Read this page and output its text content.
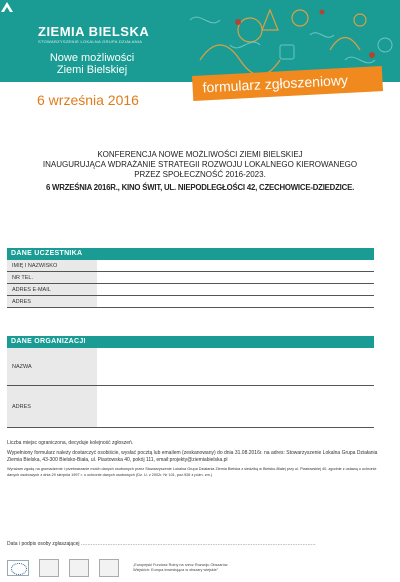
ZIEMIA BIELSKA
STOWARZYSZENIE LOKALNA GRUPA DZIAŁANIA
Nowe możliwości
Ziemi Bielskiej
6 września 2016
formularz zgłoszeniowy
KONFERENCJA NOWE MOŻLIWOŚCI ZIEMI BIELSKIEJ
INAUGURUJĄCA WDRAŻANIE STRATEGII ROZWOJU LOKALNEGO KIEROWANEGO
PRZEZ SPOŁECZNOŚĆ 2016-2023.
6 WRZEŚNIA 2016R., KINO ŚWIT, UL. NIEPODLEGŁOŚCI 42, CZECHOWICE-DZIEDZICE.
DANE UCZESTNIKA
IMIĘ I NAZWISKO
NR TEL.
ADRES E-MAIL
ADRES
DANE ORGANIZACJI
NAZWA
ADRES

Liczba miejsc ograniczona, decyduje kolejność zgłoszeń.

Wypełniony formularz należy dostarczyć osobiście, wysłać pocztą lub emailem (zeskanowany) do dnia 31.08.2016r. na adres: Stowarzyszenie Lokalna Grupa Działania Ziemia Bielska, 43-300 Bielsko-Biała, ul. Piastowska 40, pokój 111, email:projekty@ziemiabielska.pl

Wyrażam zgodę na gromadzenie i przetwarzanie moich danych osobowych przez Stowarzyszenie Lokalna Grupa Działania Ziemia Bielska z siedzibą w Bielsku-Białej przy ul. Piastowskiej 40, zgodnie z ustawą o ochronie danych osobowych z dnia 29 sierpnia 1997 r. o ochronie danych osobowych (Dz. U. z 2002r. Nr 101, poz.926 z późn. zm.)

Data i podpis osoby zgłaszającej ……………………………………………………………………………………………………………………………
„Europejski Fundusz Rolny na rzecz Rozwoju Obszarów
Wiejskich: Europa inwestująca w obszary wiejskie”
